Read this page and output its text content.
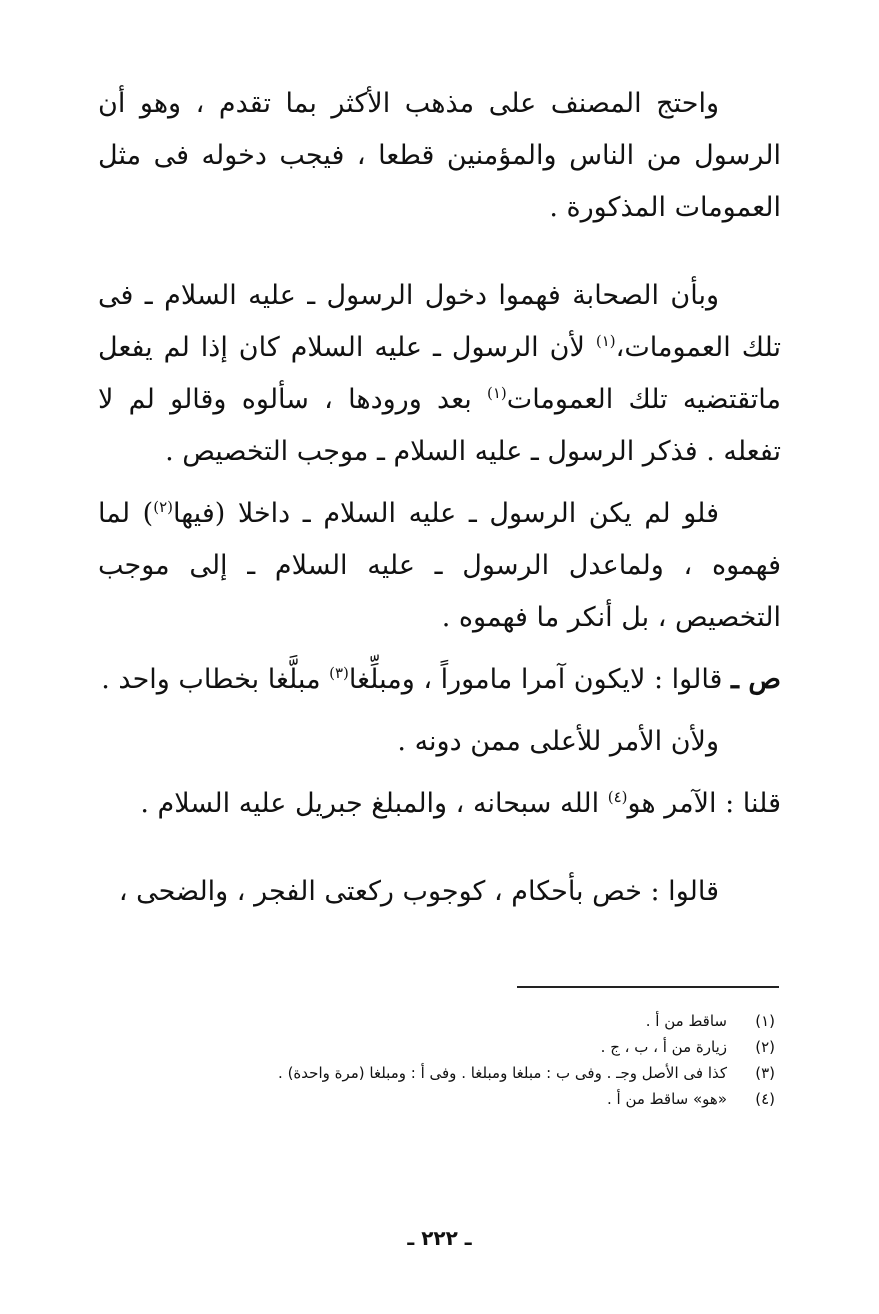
واحتج المصنف على مذهب الأكثر بما تقدم ، وهو أن الرسول من الناس والمؤمنين قطعا ، فيجب دخوله فى مثل العمومات المذكورة .

وبأن الصحابة فهموا دخول الرسول ـ عليه السلام ـ فى تلك العمومات،$^{(١)}$ لأن الرسول ـ عليه السلام كان إذا لم يفعل ماتقتضيه تلك العمومات$^{(١)}$ بعد ورودها ، سألوه وقالو لم لا تفعله . فذكر الرسول ـ عليه السلام ـ موجب التخصيص .

فلو لم يكن الرسول ـ عليه السلام ـ داخلا (فيها$^{(٢)}$) لما فهموه ، ولماعدل الرسول ـ عليه السلام ـ إلى موجب التخصيص ، بل أنكر ما فهموه .

ص ـ قالوا : لايكون آمرا ماموراً ، ومبلِّغا$^{(٣)}$ مبلَّغا بخطاب واحد .

ولأن الأمر للأعلى ممن دونه .

قلنا : الآمر هو$^{(٤)}$ الله سبحانه ، والمبلغ جبريل عليه السلام .

قالوا : خص بأحكام ، كوجوب ركعتى الفجر ، والضحى ،

(١)
ساقط من أ .
(٢)
زيارة من أ ، ب ، ج .
(٣)
كذا فى الأصل وجـ . وفى ب : مبلغا ومبلغا . وفى أ : ومبلغا (مرة واحدة) .
(٤)
«هو» ساقط من أ .
ـ ٢٢٢ ـ
